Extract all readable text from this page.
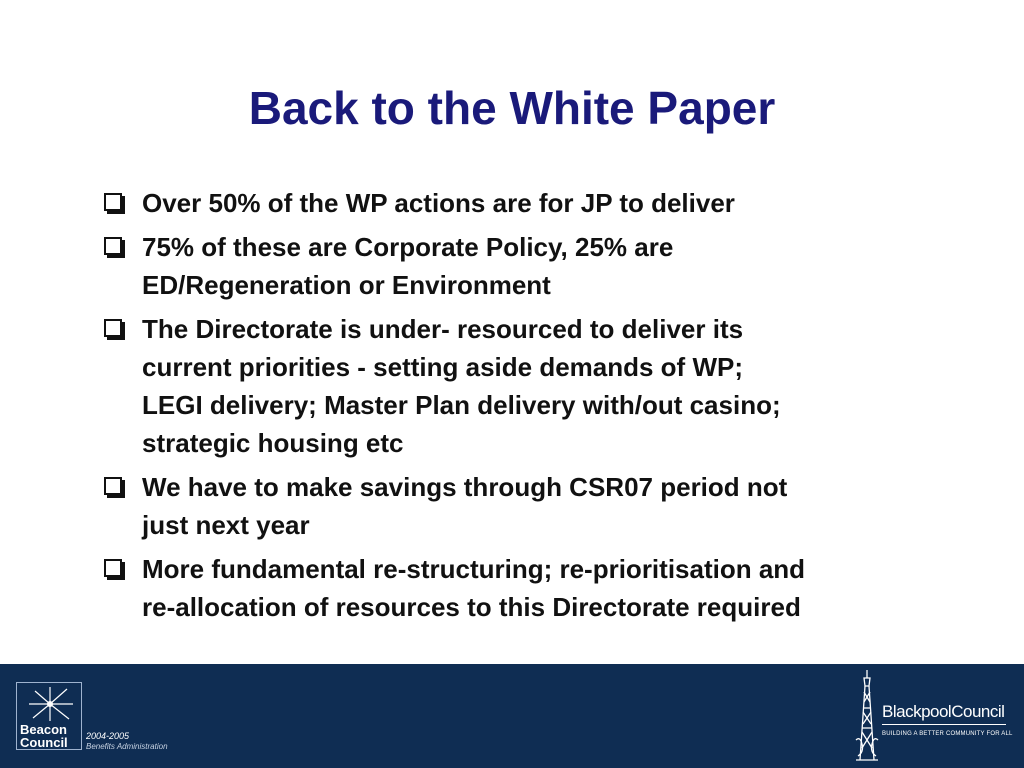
Back to the White Paper
Over 50% of the WP actions are for JP to deliver
75% of these are Corporate Policy, 25% are
ED/Regeneration or Environment
The Directorate is under- resourced to deliver its
current priorities - setting aside demands of WP;
LEGI delivery; Master Plan delivery with/out casino;
strategic housing etc
We have to make savings through CSR07 period not
just next year
More fundamental re-structuring; re-prioritisation and
re-allocation of resources to this Directorate required
Beacon
Council 2004-2005
Benefits Administration
BlackpoolCouncil
BUILDING A BETTER COMMUNITY FOR ALL
